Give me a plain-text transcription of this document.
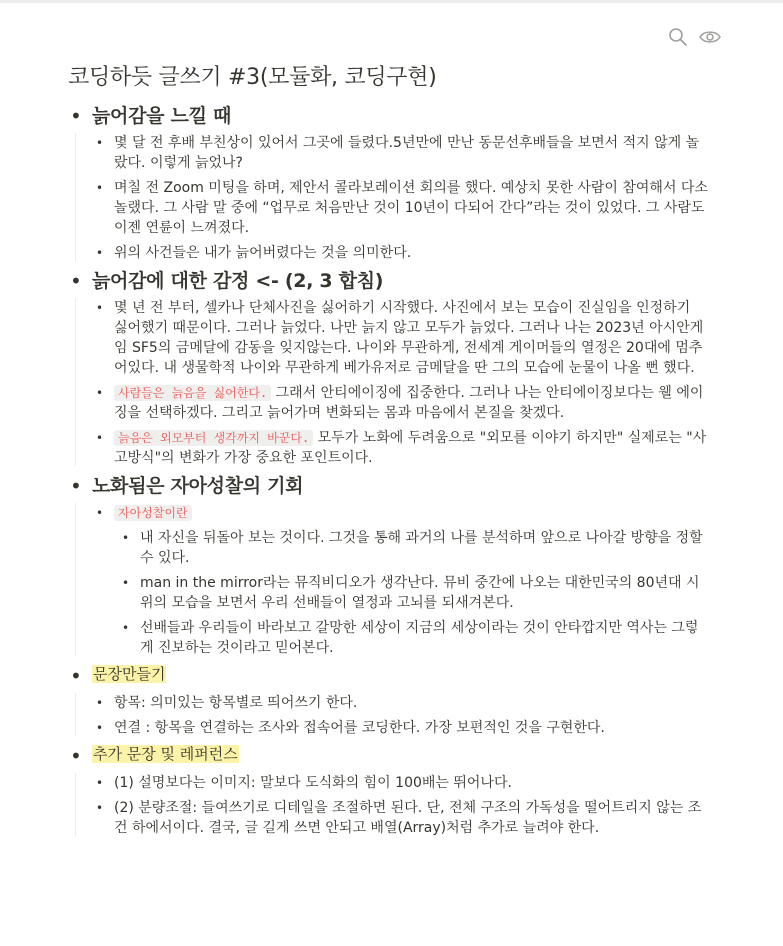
코딩하듯 글쓰기 #3(모듈화, 코딩구현)
• 늙어감을 느낄 때
• 몇 달 전 후배 부친상이 있어서 그곳에 들렸다.5년만에 만난 동문선후배들을 보면서 적지 않게 놀랐다. 이렇게 늙었나?
• 며칠 전 Zoom 미팅을 하며, 제안서 콜라보레이션 회의를 했다. 예상치 못한 사람이 참여해서 다소 놀랬다. 그 사람 말 중에 “업무로 처음만난 것이 10년이 다되어 간다”라는 것이 있었다. 그 사람도 이젠 연륜이 느껴졌다.
• 위의 사건들은 내가 늙어버렸다는 것을 의미한다.
• 늙어감에 대한 감정 <- (2, 3 합침)
• 몇 년 전 부터, 셀카나 단체사진을 싫어하기 시작했다. 사진에서 보는 모습이 진실임을 인정하기 싫어했기 때문이다. 그러나 늙었다. 나만 늙지 않고 모두가 늙었다. 그러나 나는 2023년 아시안게임 SF5의 금메달에 감동을 잊지않는다. 나이와 무관하게, 전세계 게이머들의 열정은 20대에 멈추어있다. 내 생물학적 나이와 무관하게 베가유저로 금메달을 딴 그의 모습에 눈물이 나올 뻔 했다.
•	사람들은 늙음을 싫어한다. 그래서 안티에이징에 집중한다. 그러나 나는 안티에이징보다는 웰 에이징을 선택하겠다. 그리고 늙어가며 변화되는 몸과 마음에서 본질을 찾겠다.
•	늙음은 외모부터 생각까지 바꾼다. 모두가 노화에 두려움으로 "외모를 이야기 하지만" 실제로는 "사고방식"의 변화가 가장 중요한 포인트이다.
• 노화됨은 자아성찰의 기회
•	자아성찰이란
• 내 자신을 뒤돌아 보는 것이다. 그것을 통해 과거의 나를 분석하며 앞으로 나아갈 방향을 정할 수 있다.
• man in the mirror라는 뮤직비디오가 생각난다. 뮤비 중간에 나오는 대한민국의 80년대 시위의 모습을 보면서 우리 선배들이 열정과 고뇌를 되새겨본다.
• 선배들과 우리들이 바라보고 갈망한 세상이 지금의 세상이라는 것이 안타깝지만 역사는 그렇게 진보하는 것이라고 믿어본다.
• 문장만들기
• 항목: 의미있는 항목별로 띄어쓰기 한다.
• 연결 : 항목을 연결하는 조사와 접속어를 코딩한다. 가장 보편적인 것을 구현한다.
• 추가 문장 및 레퍼런스
• (1) 설명보다는 이미지: 말보다 도식화의 힘이 100배는 뛰어나다.
• (2) 분량조절: 들여쓰기로 디테일을 조절하면 된다. 단, 전체 구조의 가독성을 떨어트리지 않는 조건 하에서이다. 결국, 글 길게 쓰면 안되고 배열(Array)처럼 추가로 늘려야 한다.
